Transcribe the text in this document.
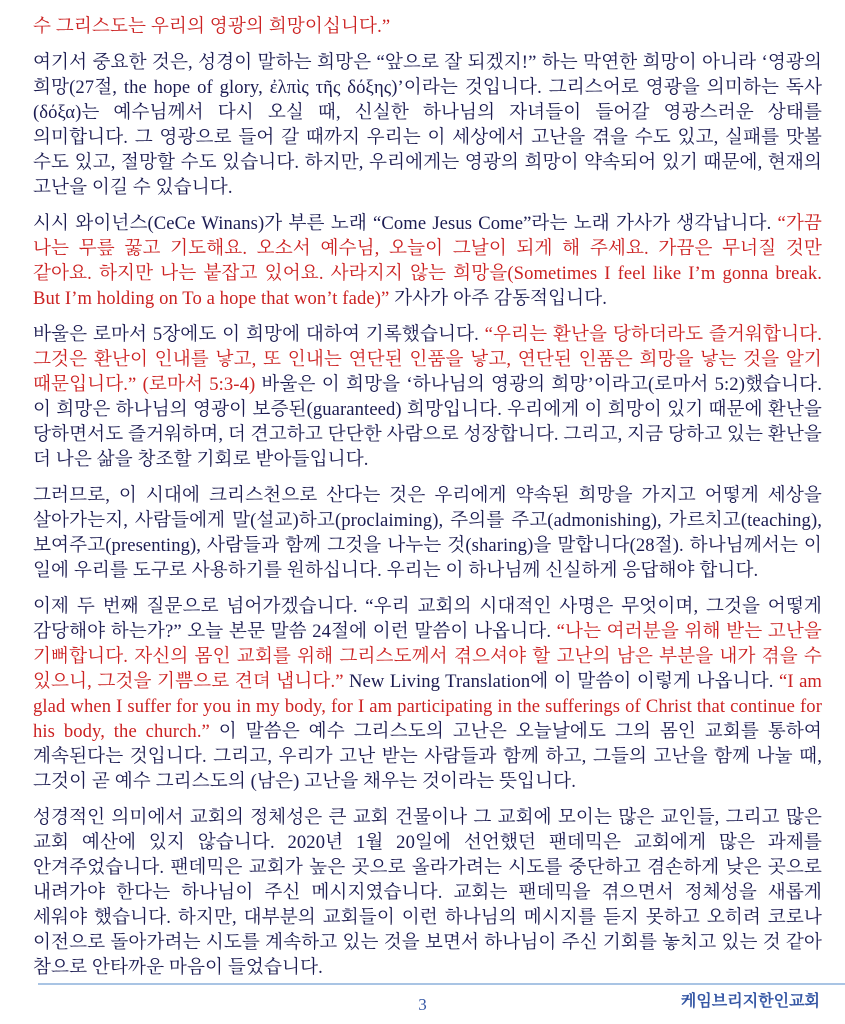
수 그리스도는 우리의 영광의 희망이십니다.”

여기서 중요한 것은, 성경이 말하는 희망은 “앞으로 잘 되겠지!” 하는 막연한 희망이 아니라 ‘영광의 희망(27절, the hope of glory, ἐλπὶς τῆς δόξης)’이라는 것입니다. 그리스어로 영광을 의미하는 독사(δόξα)는 예수님께서 다시 오실 때, 신실한 하나님의 자녀들이 들어갈 영광스러운 상태를 의미합니다. 그 영광으로 들어 갈 때까지 우리는 이 세상에서 고난을 겪을 수도 있고, 실패를 맛볼 수도 있고, 절망할 수도 있습니다. 하지만, 우리에게는 영광의 희망이 약속되어 있기 때문에, 현재의 고난을 이길 수 있습니다.

시시 와이넌스(CeCe Winans)가 부른 노래 “Come Jesus Come”라는 노래 가사가 생각납니다. “가끔 나는 무릎 꿇고 기도해요. 오소서 예수님, 오늘이 그날이 되게 해 주세요. 가끔은 무너질 것만 같아요. 하지만 나는 붙잡고 있어요. 사라지지 않는 희망을(Sometimes I feel like I’m gonna break. But I’m holding on To a hope that won’t fade)” 가사가 아주 감동적입니다.

바울은 로마서 5장에도 이 희망에 대하여 기록했습니다. “우리는 환난을 당하더라도 즐거워합니다. 그것은 환난이 인내를 낳고, 또 인내는 연단된 인품을 낳고, 연단된 인품은 희망을 낳는 것을 알기 때문입니다.” (로마서 5:3-4) 바울은 이 희망을 ‘하나님의 영광의 희망’이라고(로마서 5:2)했습니다. 이 희망은 하나님의 영광이 보증된(guaranteed) 희망입니다. 우리에게 이 희망이 있기 때문에 환난을 당하면서도 즐거워하며, 더 견고하고 단단한 사람으로 성장합니다. 그리고, 지금 당하고 있는 환난을 더 나은 삶을 창조할 기회로 받아들입니다.

그러므로, 이 시대에 크리스천으로 산다는 것은 우리에게 약속된 희망을 가지고 어떻게 세상을 살아가는지, 사람들에게 말(설교)하고(proclaiming), 주의를 주고(admonishing), 가르치고(teaching), 보여주고(presenting), 사람들과 함께 그것을 나누는 것(sharing)을 말합니다(28절). 하나님께서는 이 일에 우리를 도구로 사용하기를 원하십니다. 우리는 이 하나님께 신실하게 응답해야 합니다.

이제 두 번째 질문으로 넘어가겠습니다. “우리 교회의 시대적인 사명은 무엇이며, 그것을 어떻게 감당해야 하는가?” 오늘 본문 말씀 24절에 이런 말씀이 나옵니다. “나는 여러분을 위해 받는 고난을 기뻐합니다. 자신의 몸인 교회를 위해 그리스도께서 겪으셔야 할 고난의 남은 부분을 내가 겪을 수 있으니, 그것을 기쁨으로 견뎌 냅니다.” New Living Translation에 이 말씀이 이렇게 나옵니다. “I am glad when I suffer for you in my body, for I am participating in the sufferings of Christ that continue for his body, the church.” 이 말씀은 예수 그리스도의 고난은 오늘날에도 그의 몸인 교회를 통하여 계속된다는 것입니다. 그리고, 우리가 고난 받는 사람들과 함께 하고, 그들의 고난을 함께 나눌 때, 그것이 곧 예수 그리스도의 (남은) 고난을 채우는 것이라는 뜻입니다.

성경적인 의미에서 교회의 정체성은 큰 교회 건물이나 그 교회에 모이는 많은 교인들, 그리고 많은 교회 예산에 있지 않습니다. 2020년 1월 20일에 선언했던 팬데믹은 교회에게 많은 과제를 안겨주었습니다. 팬데믹은 교회가 높은 곳으로 올라가려는 시도를 중단하고 겸손하게 낮은 곳으로 내려가야 한다는 하나님이 주신 메시지였습니다. 교회는 팬데믹을 겪으면서 정체성을 새롭게 세워야 했습니다. 하지만, 대부분의 교회들이 이런 하나님의 메시지를 듣지 못하고 오히려 코로나 이전으로 돌아가려는 시도를 계속하고 있는 것을 보면서 하나님이 주신 기회를 놓치고 있는 것 같아 참으로 안타까운 마음이 들었습니다.

케임브리지한인교회
3
